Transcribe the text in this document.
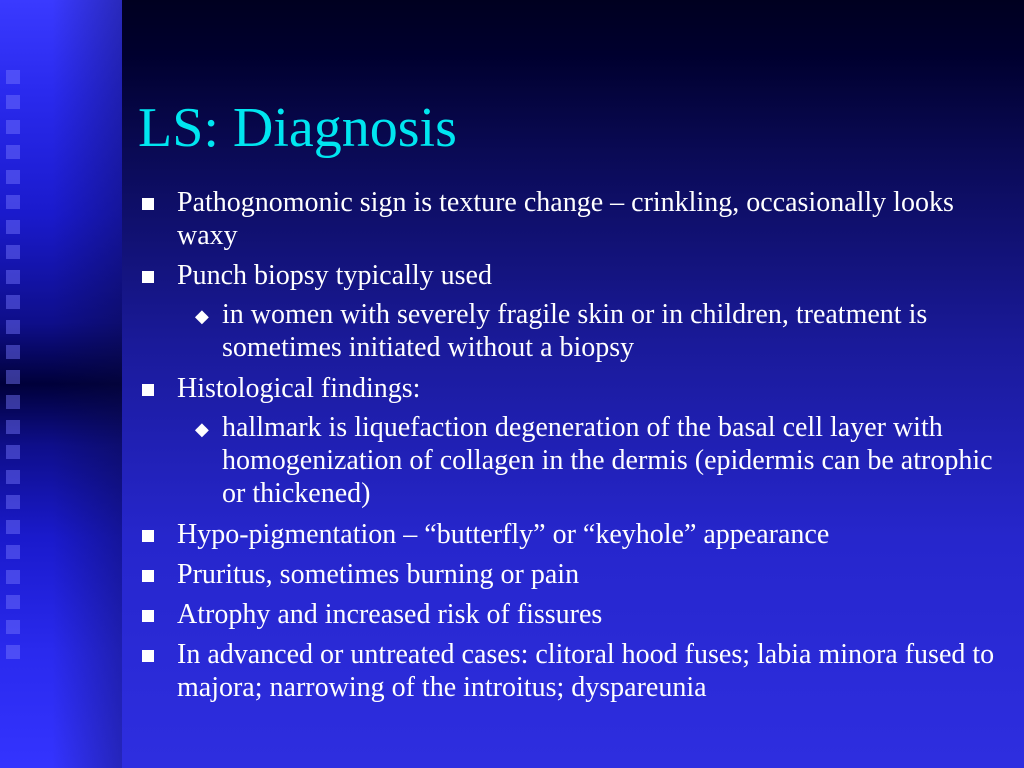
LS: Diagnosis
Pathognomonic sign is texture change – crinkling, occasionally looks waxy
Punch biopsy typically used
◆ in women with severely fragile skin or in children, treatment is sometimes initiated without a biopsy
Histological findings:
◆ hallmark is liquefaction degeneration of the basal cell layer with homogenization of collagen in the dermis (epidermis can be atrophic or thickened)
Hypo-pigmentation – “butterfly” or “keyhole” appearance
Pruritus, sometimes burning or pain
Atrophy and increased risk of fissures
In advanced or untreated cases: clitoral hood fuses; labia minora fused to majora; narrowing of the introitus; dyspareunia
